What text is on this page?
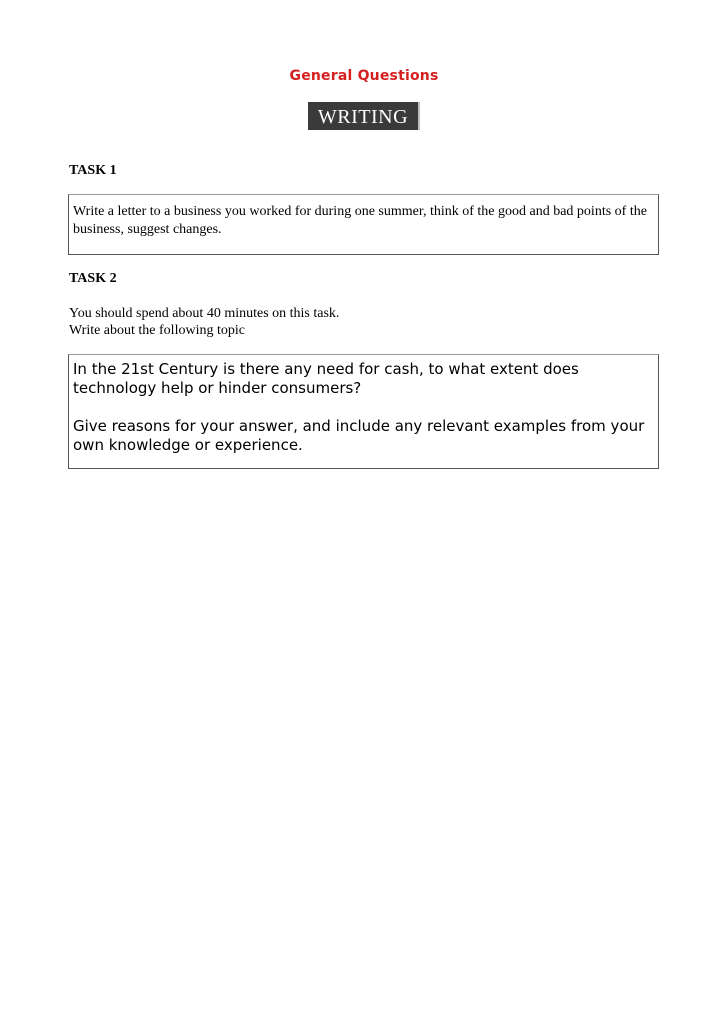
General Questions
WRITING
TASK 1
Write a letter to a business you worked for during one summer, think of the good and bad points of the business, suggest changes.
TASK 2
You should spend about 40 minutes on this task.
Write about the following topic

In the 21st Century is there any need for cash, to what extent does technology help or hinder consumers?

Give reasons for your answer, and include any relevant examples from your own knowledge or experience.
